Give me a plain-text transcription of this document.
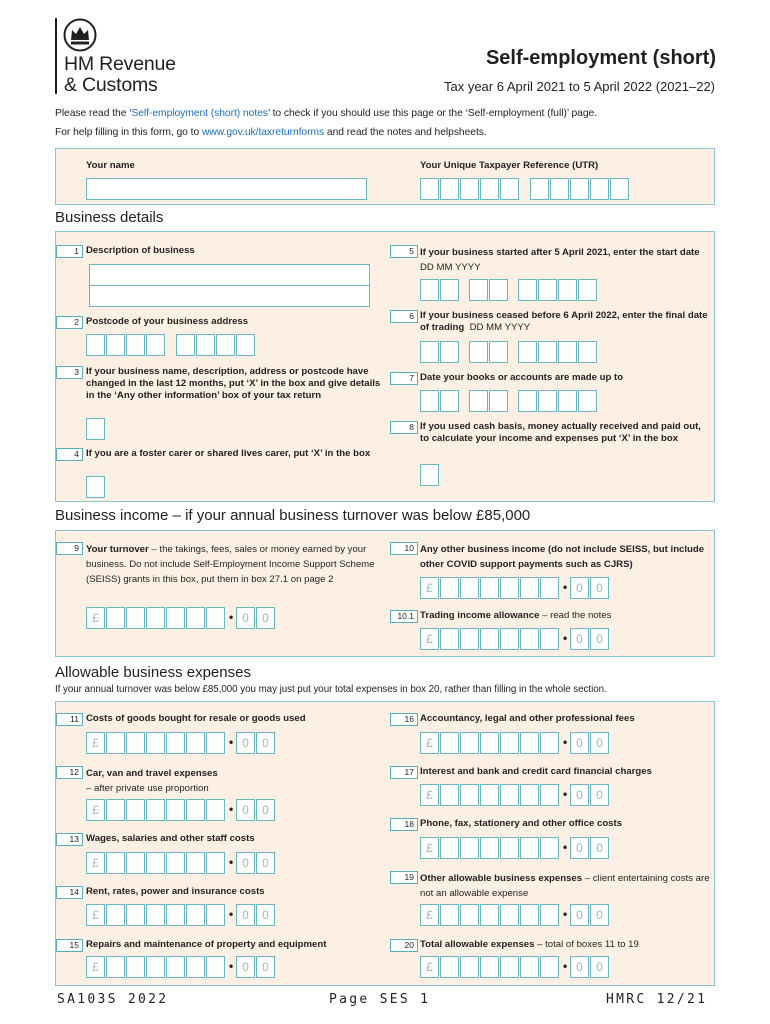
HM Revenue
& Customs
Self-employment (short)
Tax year 6 April 2021 to 5 April 2022 (2021–22)
Please read the ‘Self-employment (short) notes’ to check if you should use this page or the ‘Self-employment (full)’ page.
For help filling in this form, go to www.gov.uk/taxreturnforms and read the notes and helpsheets.
Your name	Your Unique Taxpayer Reference (UTR)
Business details
1 Description of business
2 Postcode of your business address
3 If your business name, description, address or postcode have changed in the last 12 months, put ‘X’ in the box and give details in the ‘Any other information’ box of your tax return
4 If you are a foster carer or shared lives carer, put ‘X’ in the box
5 If your business started after 5 April 2021, enter the start date  DD MM YYYY
6 If your business ceased before 6 April 2022, enter the final date of trading DD MM YYYY
7 Date your books or accounts are made up to
8 If you used cash basis, money actually received and paid out, to calculate your income and expenses put ‘X’ in the box
Business income – if your annual business turnover was below £85,000
9 Your turnover – the takings, fees, sales or money earned by your business. Do not include Self-Employment Income Support Scheme (SEISS) grants in this box, put them in box 27.1 on page 2
£	• 0	0
10 Any other business income (do not include SEISS, but include other COVID support payments such as CJRS)
£	• 0	0
10.1 Trading income allowance – read the notes
£	• 0	0
Allowable business expenses
If your annual turnover was below £85,000 you may just put your total expenses in box 20, rather than filling in the whole section.
11 Costs of goods bought for resale or goods used
£	• 0	0
12 Car, van and travel expenses
– after private use proportion
£	• 0	0
13 Wages, salaries and other staff costs
£	• 0	0
14 Rent, rates, power and insurance costs
£	• 0	0
15 Repairs and maintenance of property and equipment
£	• 0	0
16 Accountancy, legal and other professional fees
£	• 0	0
17 Interest and bank and credit card financial charges
£	• 0	0
18 Phone, fax, stationery and other office costs
£	• 0	0
19 Other allowable business expenses – client entertaining costs are not an allowable expense
£	• 0	0
20 Total allowable expenses – total of boxes 11 to 19
£	• 0	0
SA103S 2022	Page SES 1	HMRC 12/21
